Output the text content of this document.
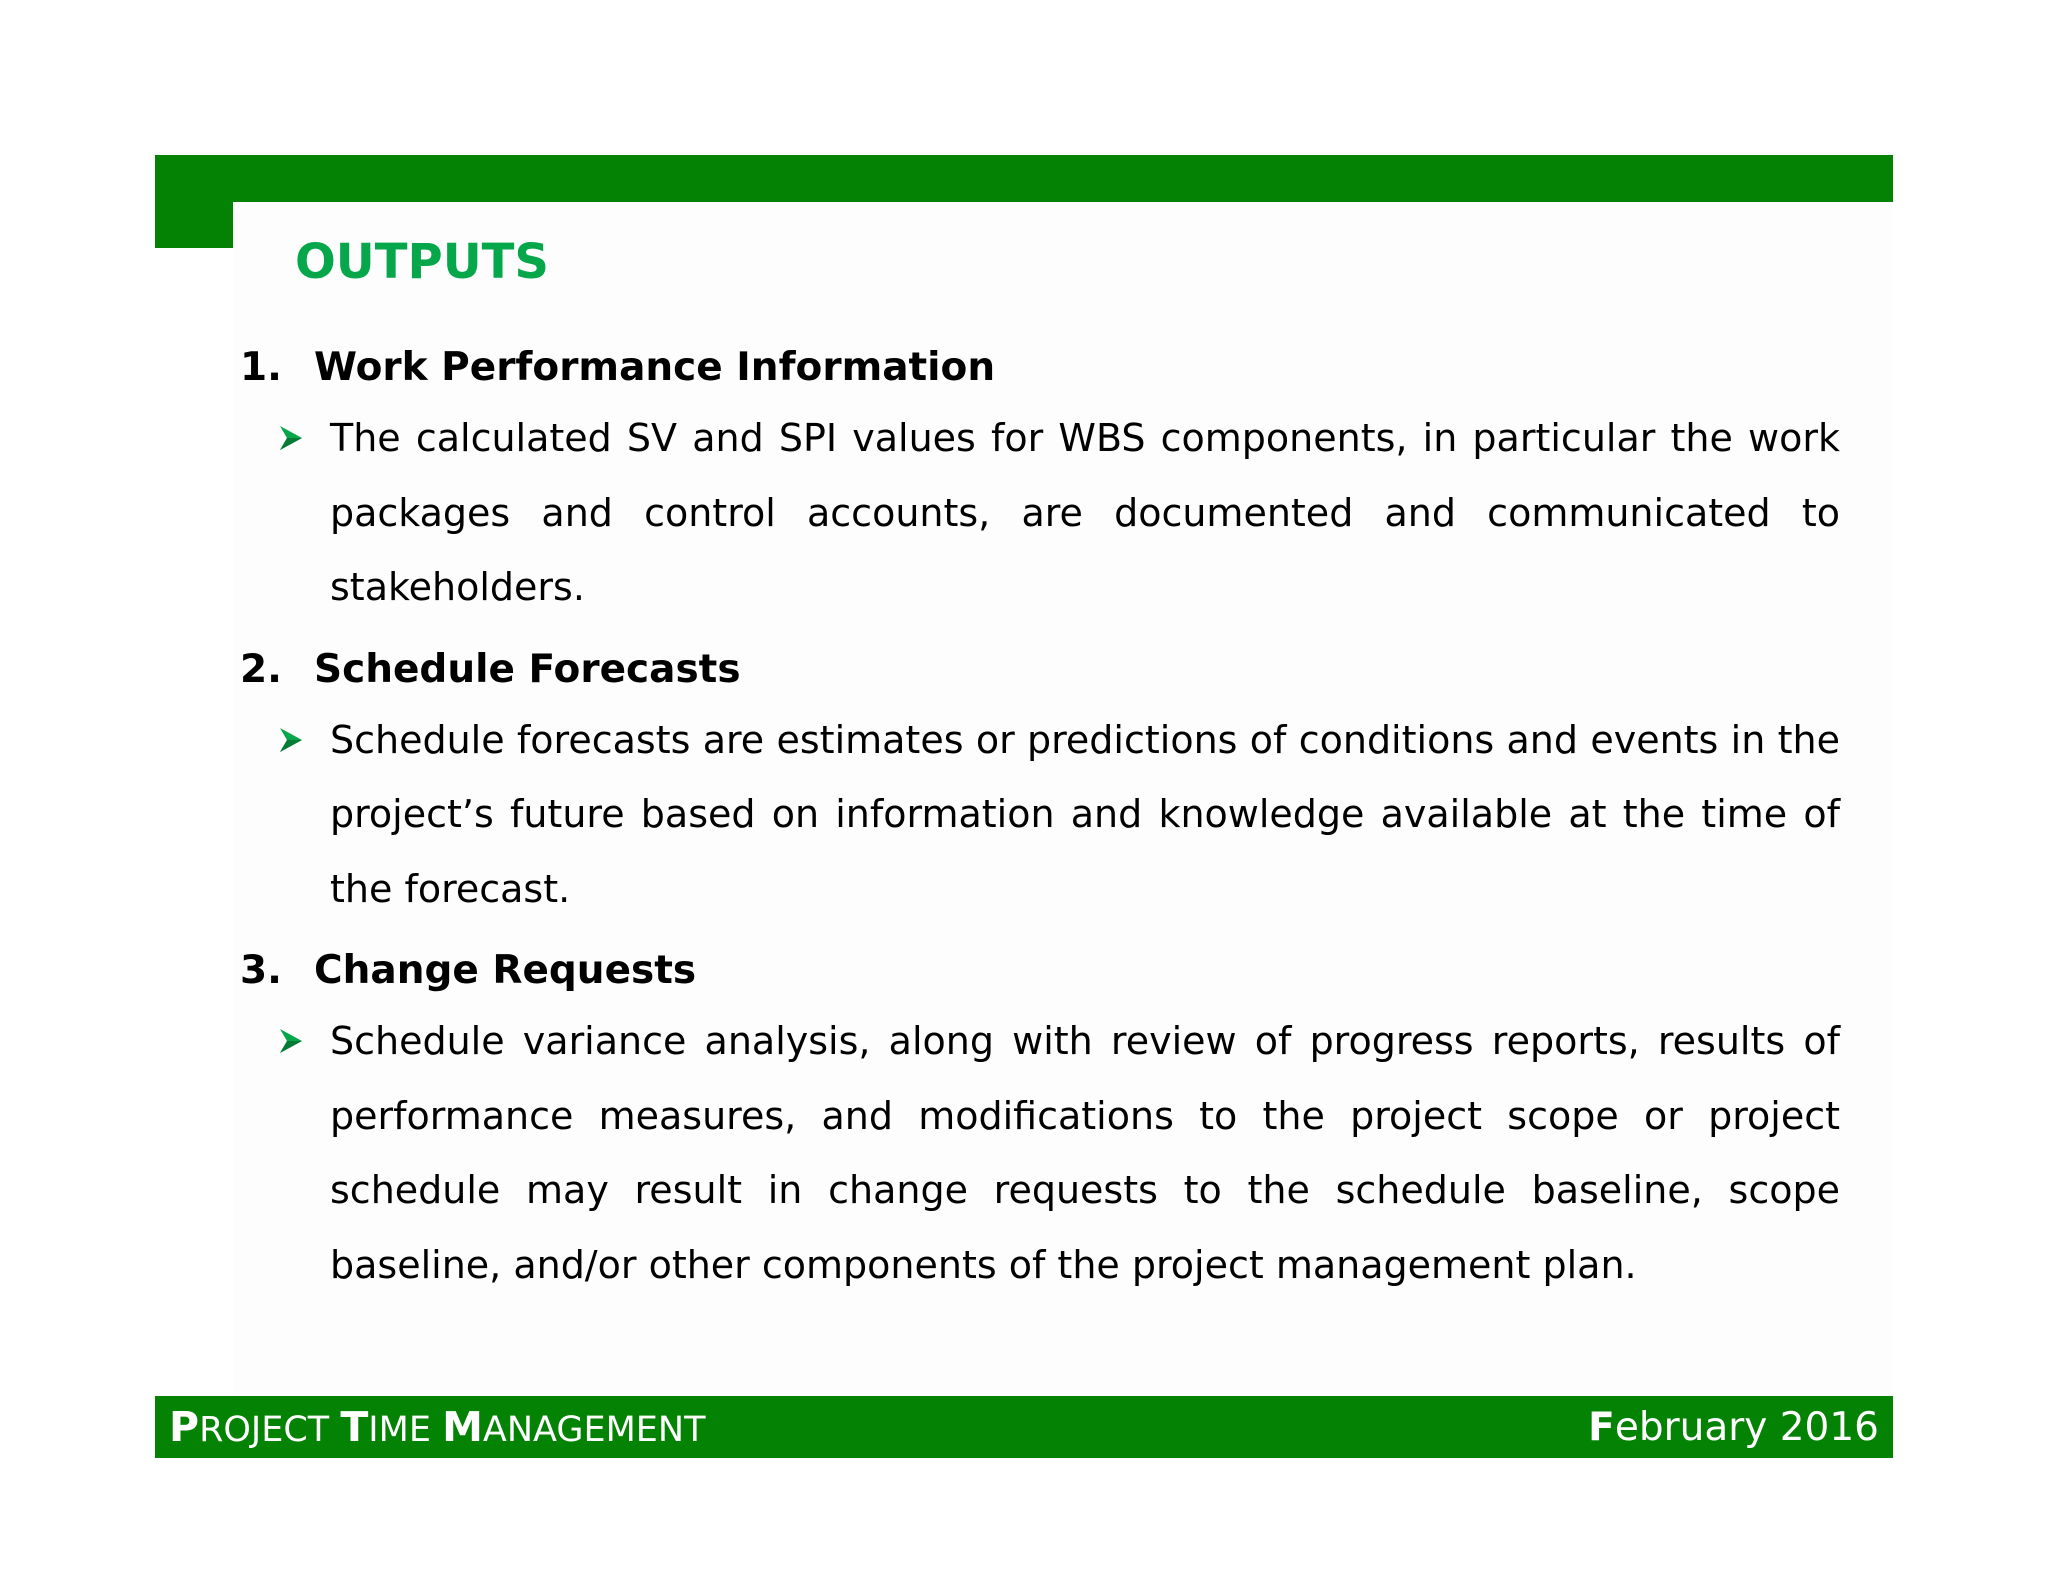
OUTPUTS
1. Work Performance Information

The calculated SV and SPI values for WBS components, in particular the work packages and control accounts, are documented and communicated to stakeholders.

2. Schedule Forecasts

Schedule forecasts are estimates or predictions of conditions and events in the project’s future based on information and knowledge available at the time of the forecast.

3. Change Requests

Schedule variance analysis, along with review of progress reports, results of performance measures, and modifications to the project scope or project schedule may result in change requests to the schedule baseline, scope baseline, and/or other components of the project management plan.

PROJECT TIME MANAGEMENT	February 2016
